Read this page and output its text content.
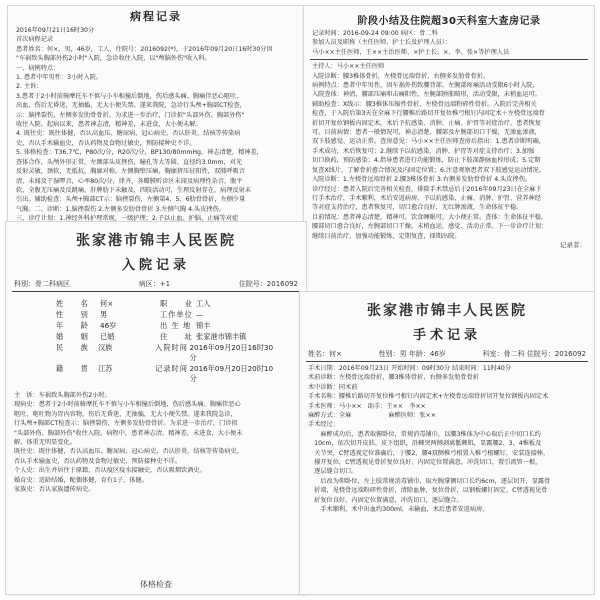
病程记录
2016年09月21日16时30分
首次病程记录
患者姓名：何×，男，46岁，工人，住院号：2016092(*)，于2016年09月20日16时30分因
"车祸致头胸部外伤2小时"入院，急诊收住入院，以"颅脑外伤"收入科。
一、病例特点：
1. 患者中年男性：3小时入院。
2. 主诉：
3.患者于2小时前骑摩托车不慎与小车相撞后倒地，伤后感头痛、胸痛伴恶心呕吐，
出血，伤后无昏迷，无抽搐，无大小便失禁。遂来我院，急诊行头颅+胸部CT检查，
示：脑挫裂伤，左侧多发肋骨骨折。为求进一步治疗，门诊拟"头部外伤、胸部外伤"
收住入院。起病以来，患者神志清，精神差，未进食，大小便未解。
4. 既往史：既往体健，否认高血压、糖尿病、冠心病史，否认肝炎、结核等传染病
史，否认手术输血史，否认药物及食物过敏史，预防接种史不详。
5. 体格检查：T36.7℃，P80次/分，R20次/分，BP130/80mmHg，神志清楚，精神差，
查体合作，头颅外形正常，左颞部头皮挫伤，瞳孔等大等圆，直径约3.0mm，对光
反射灵敏，颈软，无抵抗，胸廓对称，左侧胸壁压痛，胸廓挤压征阳性，双肺呼吸音
清，未闻及干湿啰音，心率80次/分，律齐，各瓣膜听诊区未闻及病理性杂音，腹平
软，全腹无压痛及反跳痛，肝脾肋下未触及，四肢活动可，生理反射存在，病理反射未
引出。辅助检查：头颅+胸部CT示：脑挫裂伤，左侧第4、5、6肋骨骨折，左侧少量
气胸。二、诊断：1.脑挫裂伤 2.左侧多发肋骨骨折 3.左侧气胸 4.头皮挫伤。
三、诊疗计划：1.神经外科护理常规，一级护理；2.予以止血、护脑、止痛等对症
阶段小结及住院超30天科室大查房记录
记录时间：2016-09-24 09:00 病区：骨二科
参加人员及职称（主任医师、护士长及护理人员）：
马小××主任医师，王××主治医师、×护士长、×、李、张×等护理人员
主持人：马小××主任医师
入院诊断：腰3椎体骨折，左桡骨远端骨折，右侧多发肋骨骨折。
病例特点：患者中年男性，因车祸外伤致腰背部、左腕部疼痛活动受限6小时入院，
入院查体：神清，腰部压痛叩击痛阳性，左腕部肿胀畸形，活动受限，末梢血运可。
辅助检查：X线示：腰3椎体压缩性骨折，左桡骨远端粉碎性骨折。入院后完善相关
检查，于入院后第3天在全麻下行腰椎后路切开复位椎弓根钉内固定术＋左桡骨远端骨
折切开复位钢板内固定术，术后予抗感染、消肿、止痛、护胃等对症治疗，患者恢复
可。目前病情：患者一般情况可，神志清楚，腰部及左腕部切口干燥，无渗血渗液，
双下肢感觉、运动正常。查房意见：马小××主任医师查房后指出：1.患者诊断明确，
手术成功，术后恢复可；2.继续予以抗感染、消肿、护胃等对症支持治疗；3.加强
切口换药，预防感染；4.指导患者进行功能锻炼，防止下肢深静脉血栓形成；5.定期
复查X线片，了解骨折愈合情况及内固定位置；6.注意观察患者双下肢感觉运动情况。
入院诊断：1.左桡骨远端骨折 2.腰3椎体骨折 3.右侧多发肋骨骨折 4.头皮挫伤。
诊疗经过：患者入院后完善相关检查，排除手术禁忌后于2016年09月23日在全麻下
行手术治疗，手术顺利，术后安返病房，予以抗感染、止痛、消肿、护胃、营养神经
等对症支持治疗，患者恢复可，切口愈合良好，无红肿渗液，生命体征平稳。
目前情况：患者神志清楚，精神可，饮食睡眠可，大小便正常。查体：生命体征平稳，
腰部切口愈合良好，左腕部切口干燥，末梢血运、感觉、活动正常。下一步诊疗计划：
继续目前治疗，加强功能锻炼，定期复查，择期出院。
记录者：
张家港市锦丰人民医院
入院记录
科别：骨二科病区	病区：+1	住院号：2016092
姓　　名	何×	职　　业 工人
性　　别	男	工作单位 —
年　　龄	46岁	出 生 地 锦丰
婚　　姻	已婚	住　　址 张家港市锦丰镇
民　　族	汉族	入院时间 2016年09月20日16时30分
籍　　贯	江苏	记录时间 2016年09月20日20时10分
主　诉：车祸致头胸部外伤2小时。
现病史：患者于2小时前骑摩托车不慎与小车相撞后倒地，伤后感头痛、胸痛伴恶心
呕吐，呕吐物为胃内容物，伤后无昏迷，无抽搐，无大小便失禁。遂来我院急诊，
行头颅+胸部CT检查示：脑挫裂伤，左侧多发肋骨骨折。为求进一步治疗，门诊拟
"头部外伤、胸部外伤"收住入院。病程中，患者神志清，精神差，未进食，大小便未
解，体重无明显变化。
既往史：既往体健，否认高血压、糖尿病、冠心病史，否认肝炎、结核等传染病史，
否认手术输血史，否认药物及食物过敏史，预防接种史不详。
个人史：出生并居住于原籍，否认疫区疫水接触史，否认吸烟饮酒史。
婚育史：适龄结婚，配偶体健，育有1子，体健。
家族史：否认家族遗传病史。
体格检查
张家港市锦丰人民医院
手术记录
姓名：何×	性别：男 年龄：46岁	科室：骨二科 住院号：2016092
手术日期：2016年09月23日 开始时间：09时30分 结束时间：11时40分
术前诊断：左桡骨远端骨折，腰3椎体骨折，右侧多发肋骨骨折
术中诊断：同术前
手术名称：腰椎后路切开复位椎弓根钉内固定术+左桡骨远端骨折切开复位钢板内固定术
手术医师：马小××　助手：王××　李××
麻醉方式：全麻　　　　　　麻醉医师：张××
手术经过：
　　麻醉成功后，患者取俯卧位，常规消毒铺巾，以腰3椎体为中心取后正中切口长约
　10cm，依次切开皮肤、皮下组织，沿棘突两侧剥离骶棘肌，显露腰2、3、4椎板及
　关节突，C臂透视定位准确后，于腰2、腰4双侧椎弓根置入椎弓根螺钉，安装连接棒，
　撑开复位，C臂透视见骨折复位良好，内固定位置满意，冲洗切口，置引流管一根，
　逐层缝合切口。
　　后改为仰卧位，左上肢常规消毒铺巾，取左腕掌侧切口长约6cm，逐层切开，显露骨
　折端，见桡骨远端粉碎性骨折，清除血肿，复位骨折，以钢板螺钉固定，C臂透视见骨
　折复位良好，内固定位置满意，冲洗切口，逐层缝合。
　　手术顺利，术中出血约300ml，未输血，术后患者安返病房。
